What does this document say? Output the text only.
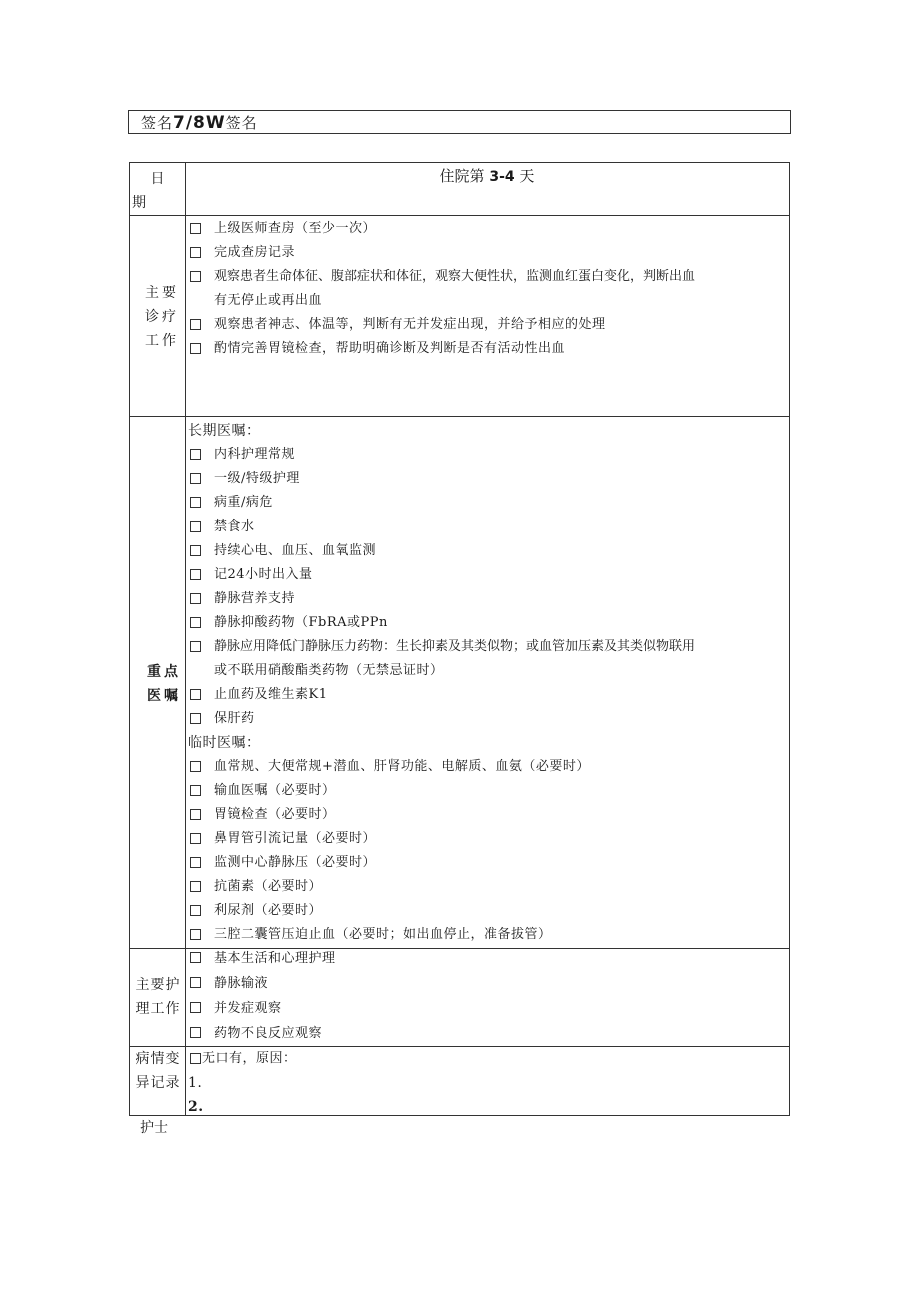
签名7/8W签名
日
期
住院第 3-4 天
主要
诊疗
工作
上级医师查房（至少一次）
完成查房记录
观察患者生命体征、腹部症状和体征，观察大便性状，监测血红蛋白变化，判断出血
有无停止或再出血
观察患者神志、体温等，判断有无并发症出现，并给予相应的处理
酌情完善胃镜检查，帮助明确诊断及判断是否有活动性出血
重点
医嘱
长期医嘱：
内科护理常规
一级/特级护理
病重/病危
禁食水
持续心电、血压、血氧监测
记24小时出入量
静脉营养支持
静脉抑酸药物（FbRA或PPn
静脉应用降低门静脉压力药物：生长抑素及其类似物；或血管加压素及其类似物联用
或不联用硝酸酯类药物（无禁忌证时）
止血药及维生素K1
保肝药
临时医嘱：
血常规、大便常规+潜血、肝肾功能、电解质、血氨（必要时）
输血医嘱（必要时）
胃镜检查（必要时）
鼻胃管引流记量（必要时）
监测中心静脉压（必要时）
抗菌素（必要时）
利尿剂（必要时）
三腔二囊管压迫止血（必要时；如出血停止，准备拔管）
主要护
理工作
基本生活和心理护理
静脉输液
并发症观察
药物不良反应观察
病情变
异记录
无口有，原因：
1.
2.
护士
